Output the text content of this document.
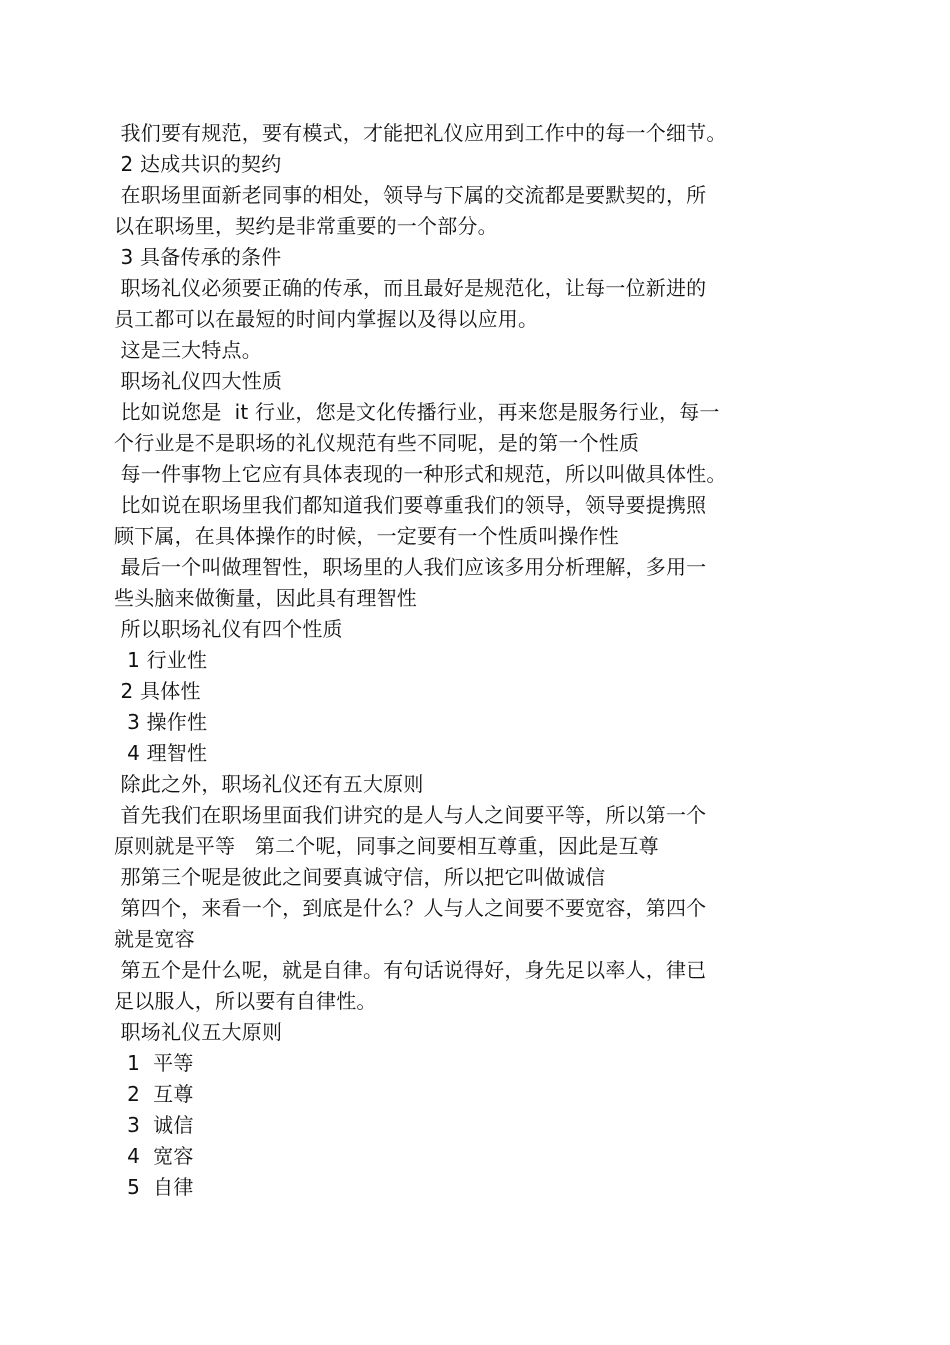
我们要有规范，要有模式，才能把礼仪应用到工作中的每一个细节。
2 达成共识的契约
在职场里面新老同事的相处，领导与下属的交流都是要默契的，所
以在职场里，契约是非常重要的一个部分。
3 具备传承的条件
职场礼仪必须要正确的传承，而且最好是规范化，让每一位新进的
员工都可以在最短的时间内掌握以及得以应用。
这是三大特点。
职场礼仪四大性质
比如说您是  it 行业，您是文化传播行业，再来您是服务行业，每一
个行业是不是职场的礼仪规范有些不同呢，是的第一个性质
每一件事物上它应有具体表现的一种形式和规范，所以叫做具体性。
比如说在职场里我们都知道我们要尊重我们的领导，领导要提携照
顾下属，在具体操作的时候，一定要有一个性质叫操作性
最后一个叫做理智性，职场里的人我们应该多用分析理解，多用一
些头脑来做衡量，因此具有理智性
所以职场礼仪有四个性质
1 行业性
2 具体性
3 操作性
4 理智性
除此之外，职场礼仪还有五大原则
首先我们在职场里面我们讲究的是人与人之间要平等，所以第一个
原则就是平等   第二个呢，同事之间要相互尊重，因此是互尊
那第三个呢是彼此之间要真诚守信，所以把它叫做诚信
第四个，来看一个，到底是什么？人与人之间要不要宽容，第四个
就是宽容
第五个是什么呢，就是自律。有句话说得好，身先足以率人，律已
足以服人，所以要有自律性。
职场礼仪五大原则
1  平等
2  互尊
3  诚信
4  宽容
5  自律
